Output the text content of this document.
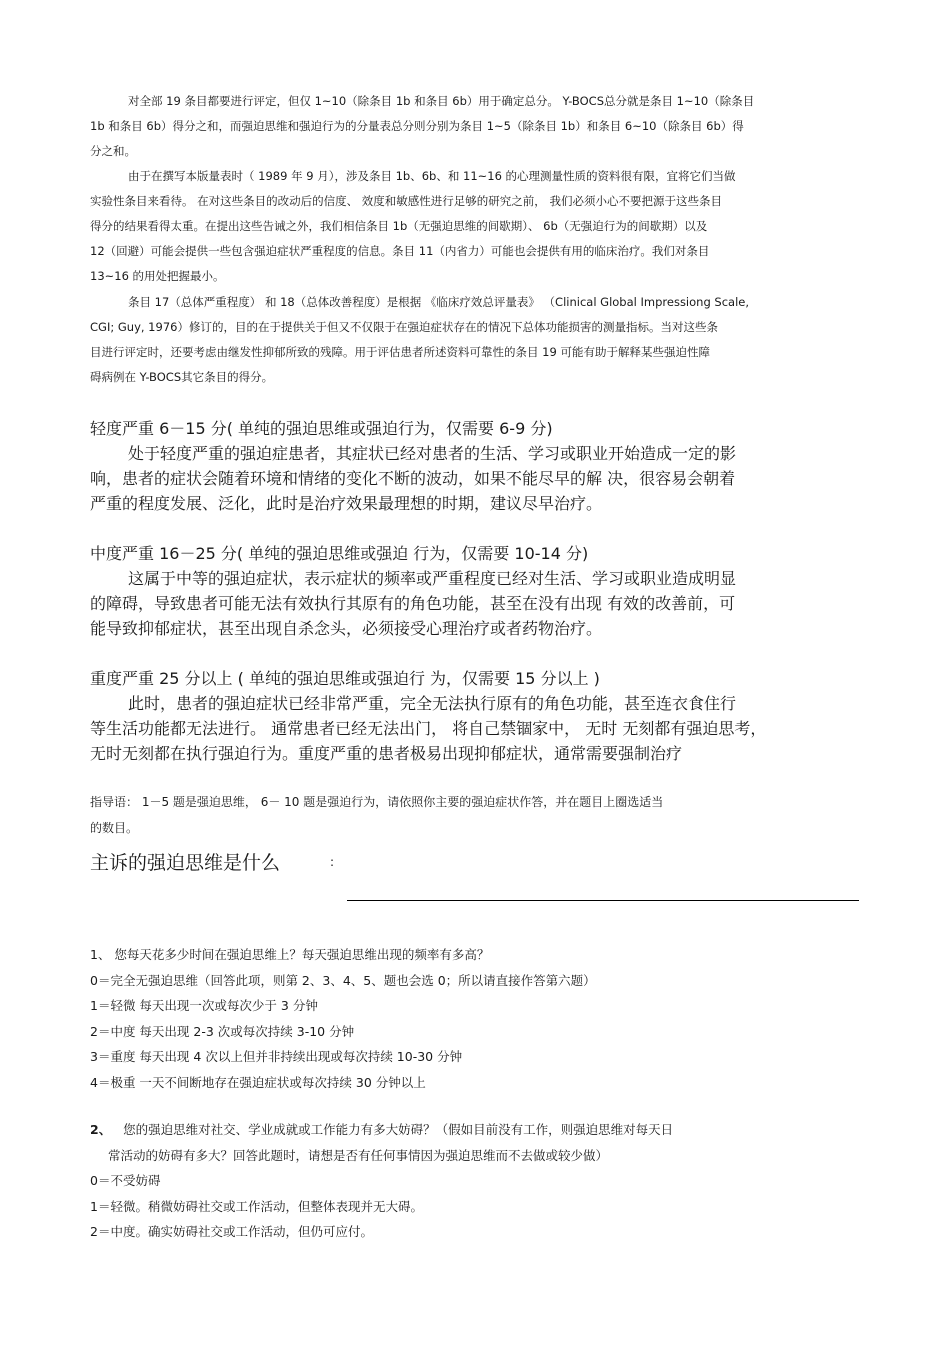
对全部 19 条目都要进行评定，但仅 1~10（除条目 1b 和条目 6b）用于确定总分。 Y-BOCS总分就是条目 1~10（除条目
1b 和条目 6b）得分之和，而强迫思维和强迫行为的分量表总分则分别为条目 1~5（除条目 1b）和条目 6~10（除条目 6b）得
分之和。
由于在撰写本版量表时（ 1989 年 9 月），涉及条目 1b、6b、和 11~16 的心理测量性质的资料很有限，宜将它们当做
实验性条目来看待。 在对这些条目的改动后的信度、 效度和敏感性进行足够的研究之前， 我们必须小心不要把源于这些条目
得分的结果看得太重。在提出这些告诫之外，我们相信条目 1b（无强迫思维的间歇期）、 6b（无强迫行为的间歇期）以及
12（回避）可能会提供一些包含强迫症状严重程度的信息。条目 11（内省力）可能也会提供有用的临床治疗。我们对条目
13~16 的用处把握最小。
条目 17（总体严重程度） 和 18（总体改善程度）是根据 《临床疗效总评量表》 （Clinical Global Impressiong Scale,
CGI; Guy, 1976）修订的，目的在于提供关于但又不仅限于在强迫症状存在的情况下总体功能损害的测量指标。当对这些条
目进行评定时，还要考虑由继发性抑郁所致的残障。用于评估患者所述资料可靠性的条目 19 可能有助于解释某些强迫性障
碍病例在 Y-BOCS其它条目的得分。
轻度严重 6－15 分( 单纯的强迫思维或强迫行为，仅需要 6-9 分)
处于轻度严重的强迫症患者，其症状已经对患者的生活、学习或职业开始造成一定的影
响，患者的症状会随着环境和情绪的变化不断的波动，如果不能尽早的解 决，很容易会朝着
严重的程度发展、泛化，此时是治疗效果最理想的时期，建议尽早治疗。
中度严重 16－25 分( 单纯的强迫思维或强迫 行为，仅需要 10-14 分)
这属于中等的强迫症状，表示症状的频率或严重程度已经对生活、学习或职业造成明显
的障碍，导致患者可能无法有效执行其原有的角色功能，甚至在没有出现 有效的改善前，可
能导致抑郁症状，甚至出现自杀念头，必须接受心理治疗或者药物治疗。
重度严重 25 分以上 ( 单纯的强迫思维或强迫行 为，仅需要 15 分以上 )
此时，患者的强迫症状已经非常严重，完全无法执行原有的角色功能，甚至连衣食住行
等生活功能都无法进行。 通常患者已经无法出门， 将自己禁锢家中， 无时 无刻都有强迫思考，
无时无刻都在执行强迫行为。重度严重的患者极易出现抑郁症状，通常需要强制治疗
指导语： 1－5 题是强迫思维， 6－ 10 题是强迫行为，请依照你主要的强迫症状作答，并在题目上圈选适当
的数目。
主诉的强迫思维是什么	:
1、 您每天花多少时间在强迫思维上？每天强迫思维出现的频率有多高？
0＝完全无强迫思维（回答此项，则第 2、3、4、5、题也会选 0；所以请直接作答第六题）
1＝轻微 每天出现一次或每次少于 3 分钟
2＝中度 每天出现 2-3 次或每次持续 3-10 分钟
3＝重度 每天出现 4 次以上但并非持续出现或每次持续 10-30 分钟
4＝极重 一天不间断地存在强迫症状或每次持续 30 分钟以上
2、 您的强迫思维对社交、学业成就或工作能力有多大妨碍？（假如目前没有工作，则强迫思维对每天日
常活动的妨碍有多大？回答此题时，请想是否有任何事情因为强迫思维而不去做或较少做）
0＝不受妨碍
1＝轻微。稍微妨碍社交或工作活动，但整体表现并无大碍。
2＝中度。确实妨碍社交或工作活动，但仍可应付。
